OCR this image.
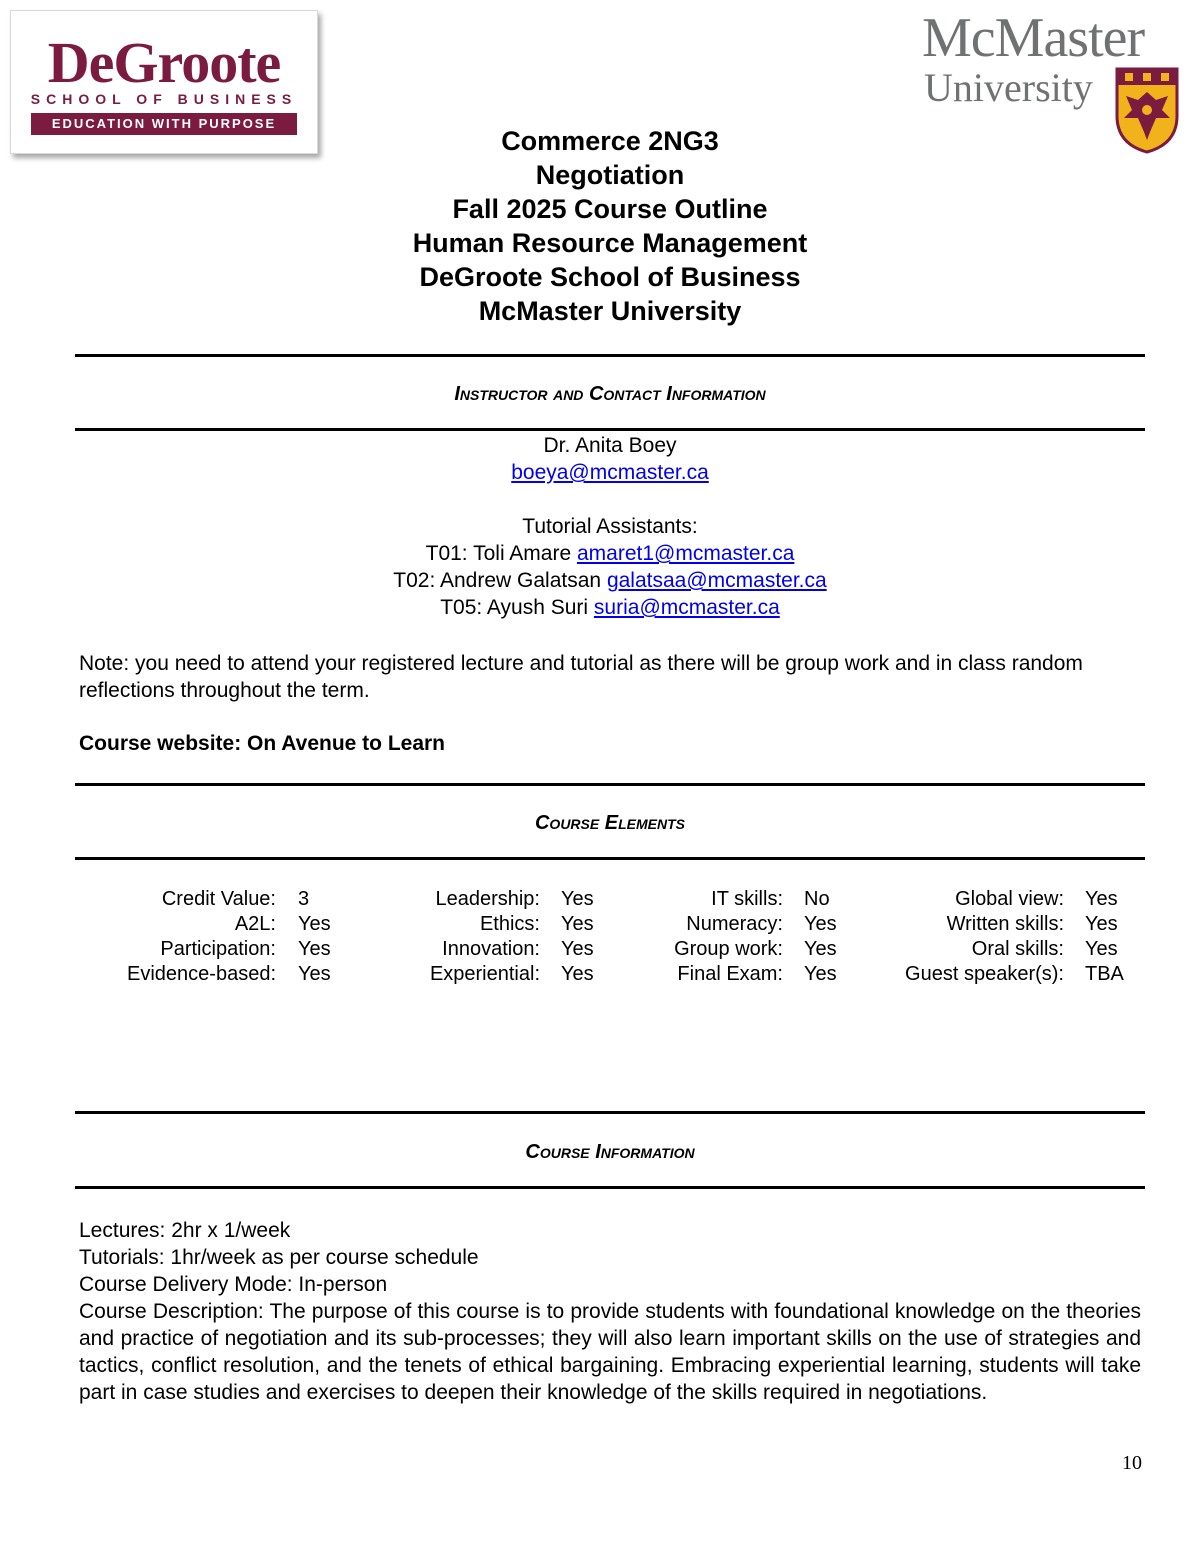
DeGroote
SCHOOL OF BUSINESS
EDUCATION WITH PURPOSE
McMaster
University
Commerce 2NG3
Negotiation
Fall 2025 Course Outline
Human Resource Management
DeGroote School of Business
McMaster University
Instructor and Contact Information
Dr. Anita Boey
boeya@mcmaster.ca

Tutorial Assistants:
T01: Toli Amare amaret1@mcmaster.ca
T02: Andrew Galatsan galatsaa@mcmaster.ca
T05: Ayush Suri suria@mcmaster.ca
Note: you need to attend your registered lecture and tutorial as there will be group work and in class random reflections throughout the term.
Course website: On Avenue to Learn
Course Elements
Credit Value: 3
A2L: Yes
Participation: Yes
Evidence-based: Yes
Leadership: Yes
Ethics: Yes
Innovation: Yes
Experiential: Yes
IT skills: No
Numeracy: Yes
Group work: Yes
Final Exam: Yes
Global view: Yes
Written skills: Yes
Oral skills: Yes
Guest speaker(s): TBA
Course Information
Lectures: 2hr x 1/week
Tutorials: 1hr/week as per course schedule
Course Delivery Mode: In-person
Course Description: The purpose of this course is to provide students with foundational knowledge on the theories and practice of negotiation and its sub-processes; they will also learn important skills on the use of strategies and tactics, conflict resolution, and the tenets of ethical bargaining. Embracing experiential learning, students will take part in case studies and exercises to deepen their knowledge of the skills required in negotiations.
10
